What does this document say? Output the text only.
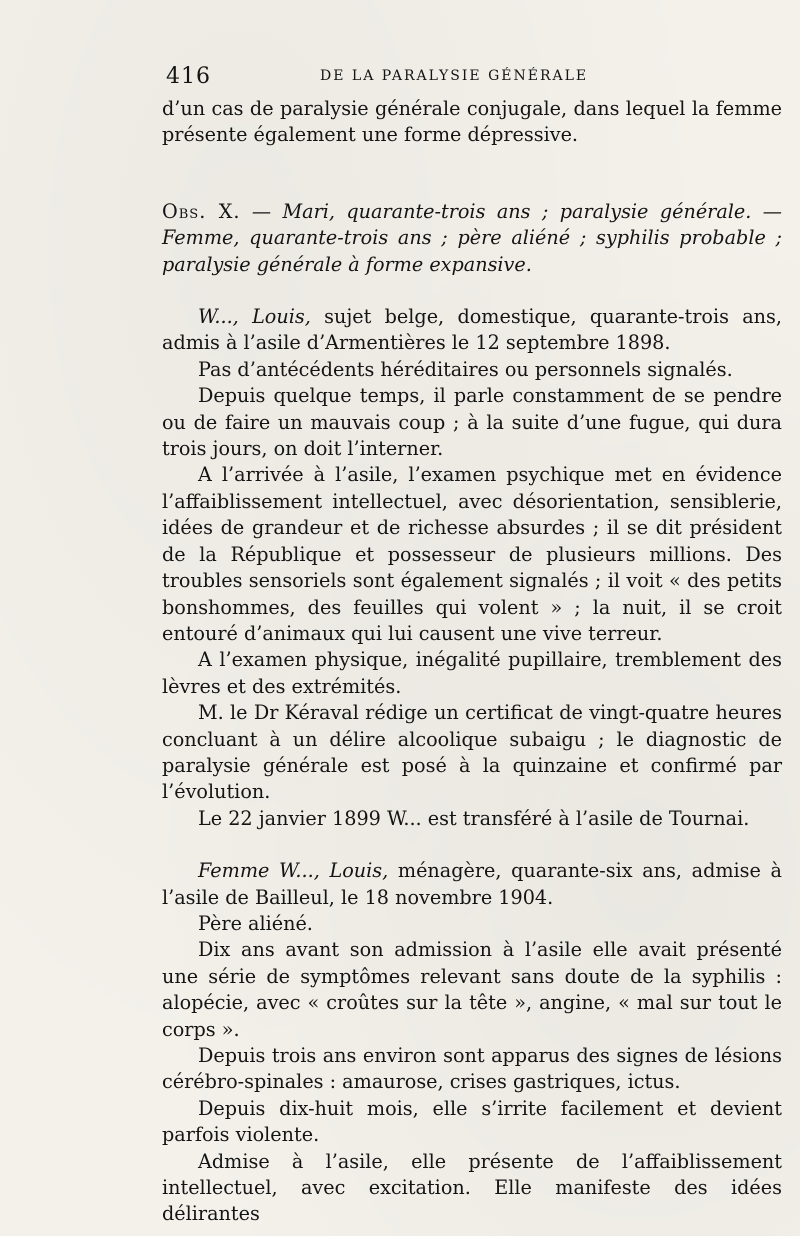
416	DE LA PARALYSIE GÉNÉRALE

d’un cas de paralysie générale conjugale, dans lequel la femme présente également une forme dépressive.

Obs. X. — Mari, quarante-trois ans ; paralysie générale. — Femme, quarante-trois ans ; père aliéné ; syphilis probable ; paralysie générale à forme expansive.

W..., Louis, sujet belge, domestique, quarante-trois ans, admis à l’asile d’Armentières le 12 septembre 1898.

Pas d’antécédents héréditaires ou personnels signalés.

Depuis quelque temps, il parle constamment de se pendre ou de faire un mauvais coup ; à la suite d’une fugue, qui dura trois jours, on doit l’interner.

A l’arrivée à l’asile, l’examen psychique met en évidence l’affaiblissement intellectuel, avec désorientation, sensiblerie, idées de grandeur et de richesse absurdes ; il se dit président de la République et possesseur de plusieurs millions. Des troubles sensoriels sont également signalés ; il voit « des petits bonshommes, des feuilles qui volent » ; la nuit, il se croit entouré d’animaux qui lui causent une vive terreur.

A l’examen physique, inégalité pupillaire, tremblement des lèvres et des extrémités.

M. le Dr Kéraval rédige un certificat de vingt-quatre heures concluant à un délire alcoolique subaigu ; le diagnostic de paralysie générale est posé à la quinzaine et confirmé par l’évolution.

Le 22 janvier 1899 W... est transféré à l’asile de Tournai.

Femme W..., Louis, ménagère, quarante-six ans, admise à l’asile de Bailleul, le 18 novembre 1904.

Père aliéné.

Dix ans avant son admission à l’asile elle avait présenté une série de symptômes relevant sans doute de la syphilis : alopécie, avec « croûtes sur la tête », angine, « mal sur tout le corps ».

Depuis trois ans environ sont apparus des signes de lésions cérébro-spinales : amaurose, crises gastriques, ictus.

Depuis dix-huit mois, elle s’irrite facilement et devient parfois violente.

Admise à l’asile, elle présente de l’affaiblissement intellectuel, avec excitation. Elle manifeste des idées délirantes
